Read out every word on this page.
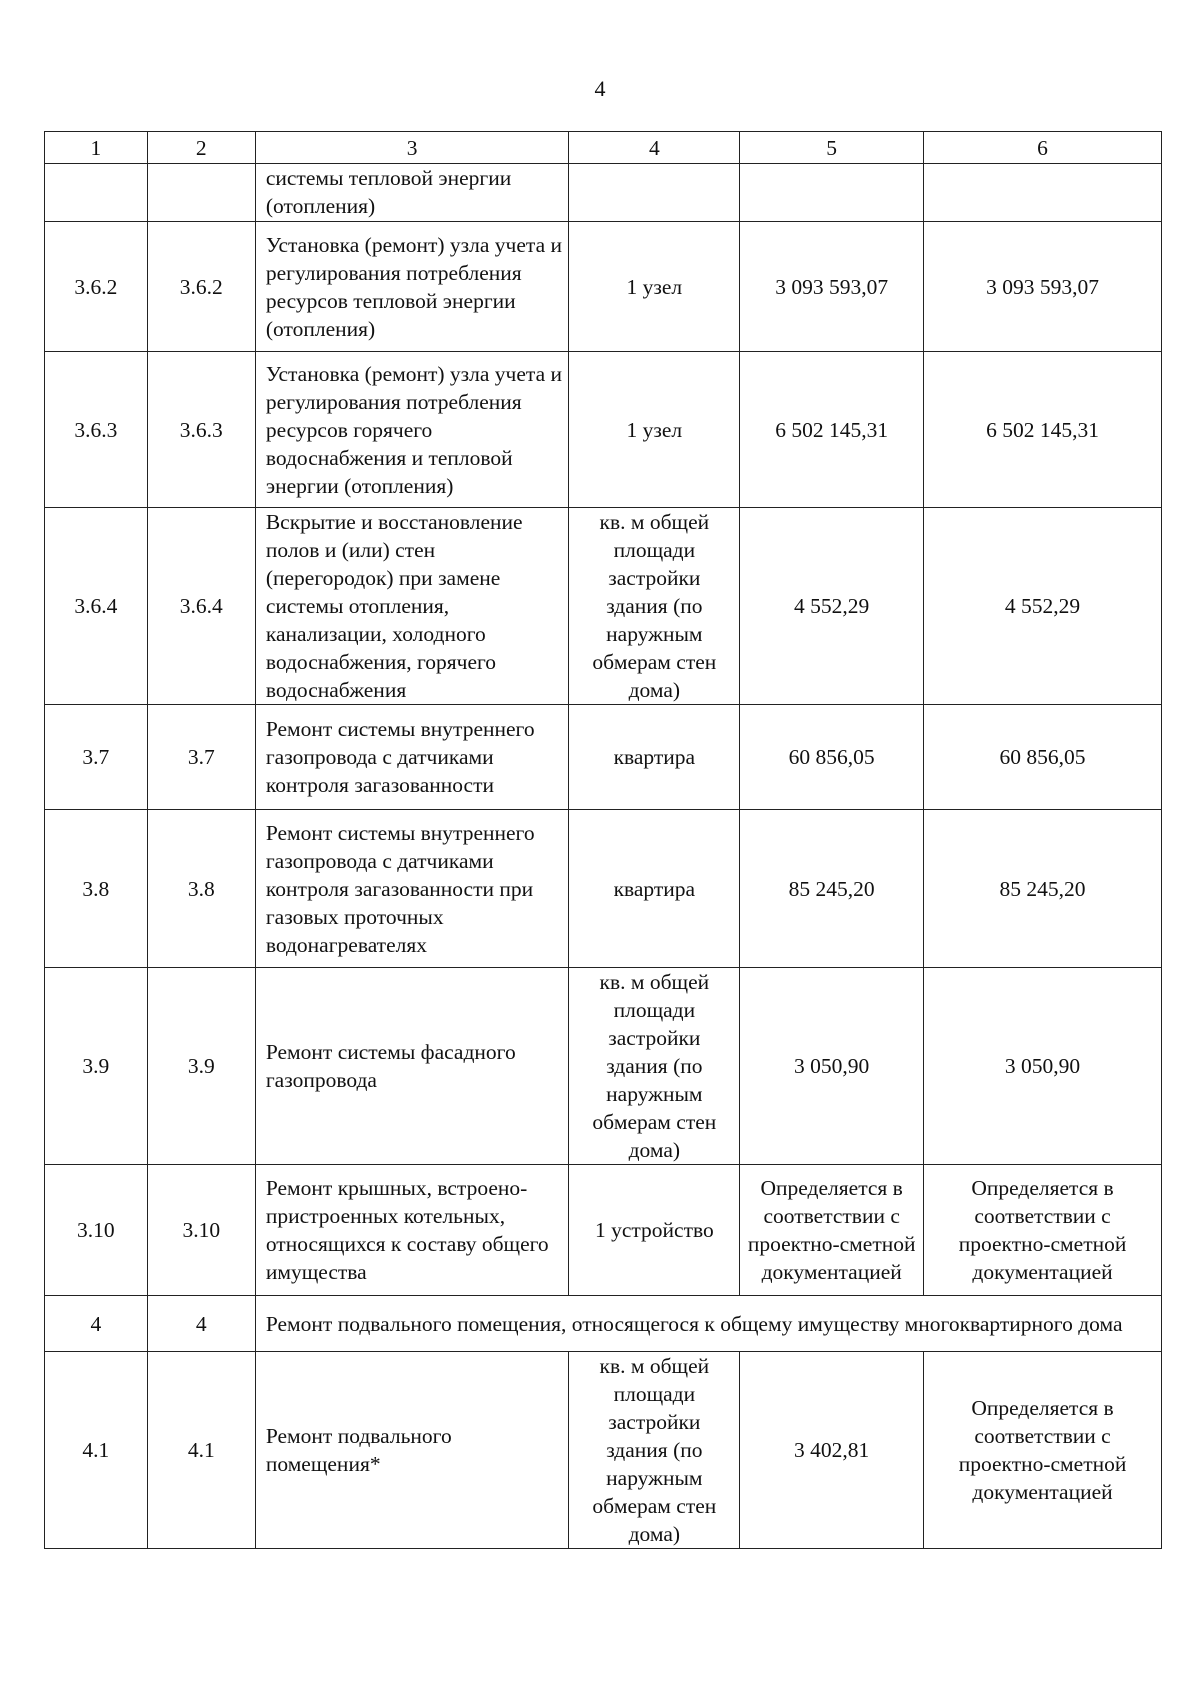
4
1	2	3	4	5	6
		системы тепловой энергии (отопления)			
3.6.2	3.6.2	Установка (ремонт) узла учета и регулирования потребления ресурсов тепловой энергии (отопления)	1 узел	3 093 593,07	3 093 593,07
3.6.3	3.6.3	Установка (ремонт) узла учета и регулирования потребления ресурсов горячего водоснабжения и тепловой энергии (отопления)	1 узел	6 502 145,31	6 502 145,31
3.6.4	3.6.4	Вскрытие и восстановление полов и (или) стен (перегородок) при замене системы отопления, канализации, холодного водоснабжения, горячего водоснабжения	кв. м общей площади застройки здания (по наружным обмерам стен дома)	4 552,29	4 552,29
3.7	3.7	Ремонт системы внутреннего газопровода с датчиками контроля загазованности	квартира	60 856,05	60 856,05
3.8	3.8	Ремонт системы внутреннего газопровода с датчиками контроля загазованности при газовых проточных водонагревателях	квартира	85 245,20	85 245,20
3.9	3.9	Ремонт системы фасадного газопровода	кв. м общей площади застройки здания (по наружным обмерам стен дома)	3 050,90	3 050,90
3.10	3.10	Ремонт крышных, встроено-пристроенных котельных, относящихся к составу общего имущества	1 устройство	Определяется в соответствии с проектно-сметной документацией	Определяется в соответствии с проектно-сметной документацией
4	4	Ремонт подвального помещения, относящегося к общему имуществу многоквартирного дома			
4.1	4.1	Ремонт подвального помещения*	кв. м общей площади застройки здания (по наружным обмерам стен дома)	3 402,81	Определяется в соответствии с проектно-сметной документацией
